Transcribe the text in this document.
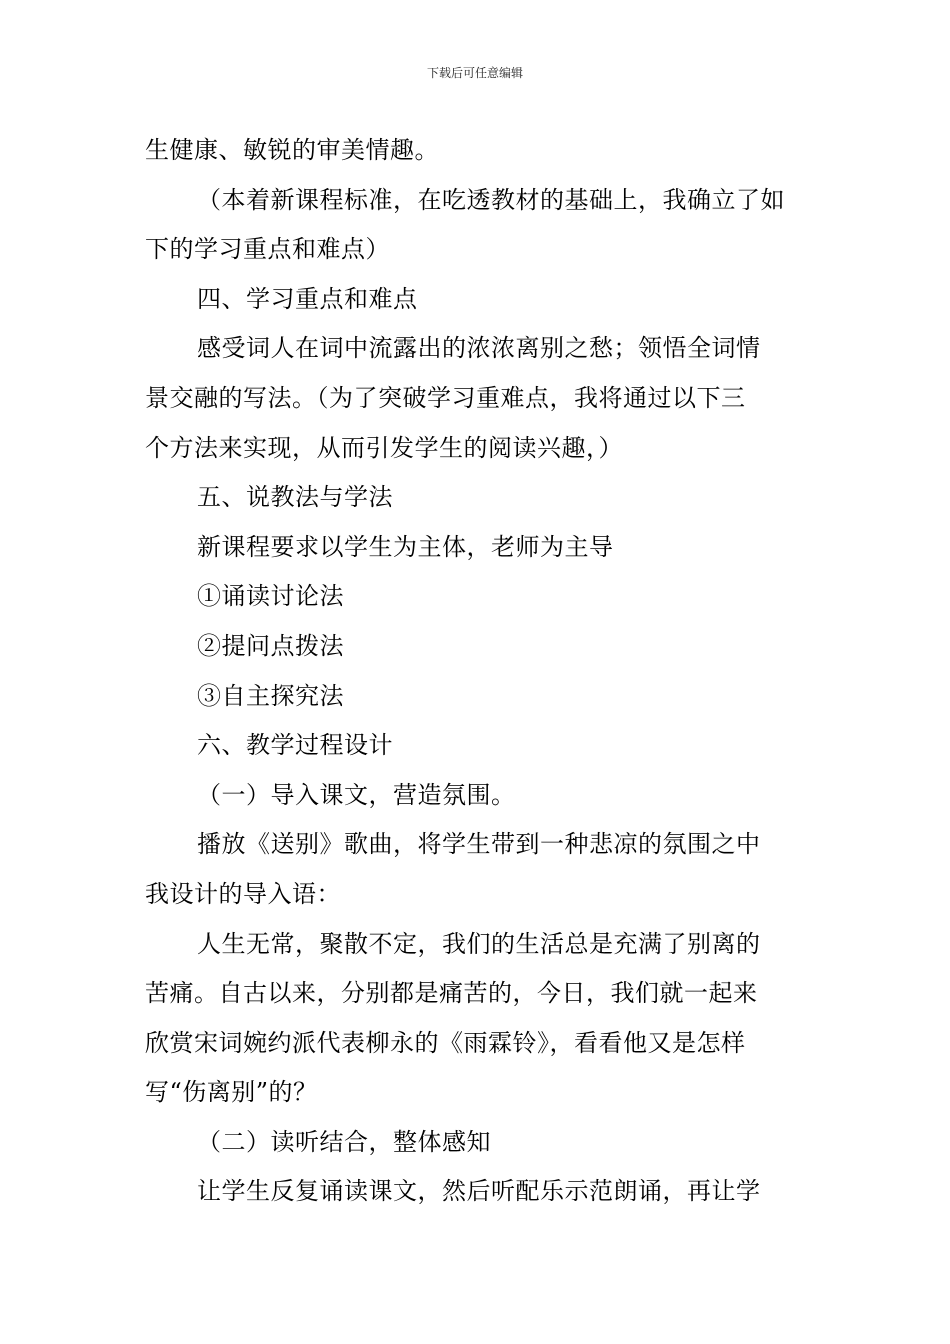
下载后可任意编辑
生健康、敏锐的审美情趣。
（本着新课程标准，在吃透教材的基础上，我确立了如
下的学习重点和难点）
四、学习重点和难点
感受词人在词中流露出的浓浓离别之愁；领悟全词情
景交融的写法。（为了突破学习重难点，我将通过以下三
个方法来实现，从而引发学生的阅读兴趣，）
五、说教法与学法
新课程要求以学生为主体，老师为主导
①诵读讨论法
②提问点拨法
③自主探究法
六、教学过程设计
（一）导入课文，营造氛围。
播放《送别》歌曲，将学生带到一种悲凉的氛围之中
我设计的导入语：
人生无常，聚散不定，我们的生活总是充满了别离的
苦痛。自古以来，分别都是痛苦的，今日，我们就一起来
欣赏宋词婉约派代表柳永的《雨霖铃》，看看他又是怎样
写“伤离别”的？
（二）读听结合，整体感知
让学生反复诵读课文，然后听配乐示范朗诵，再让学
